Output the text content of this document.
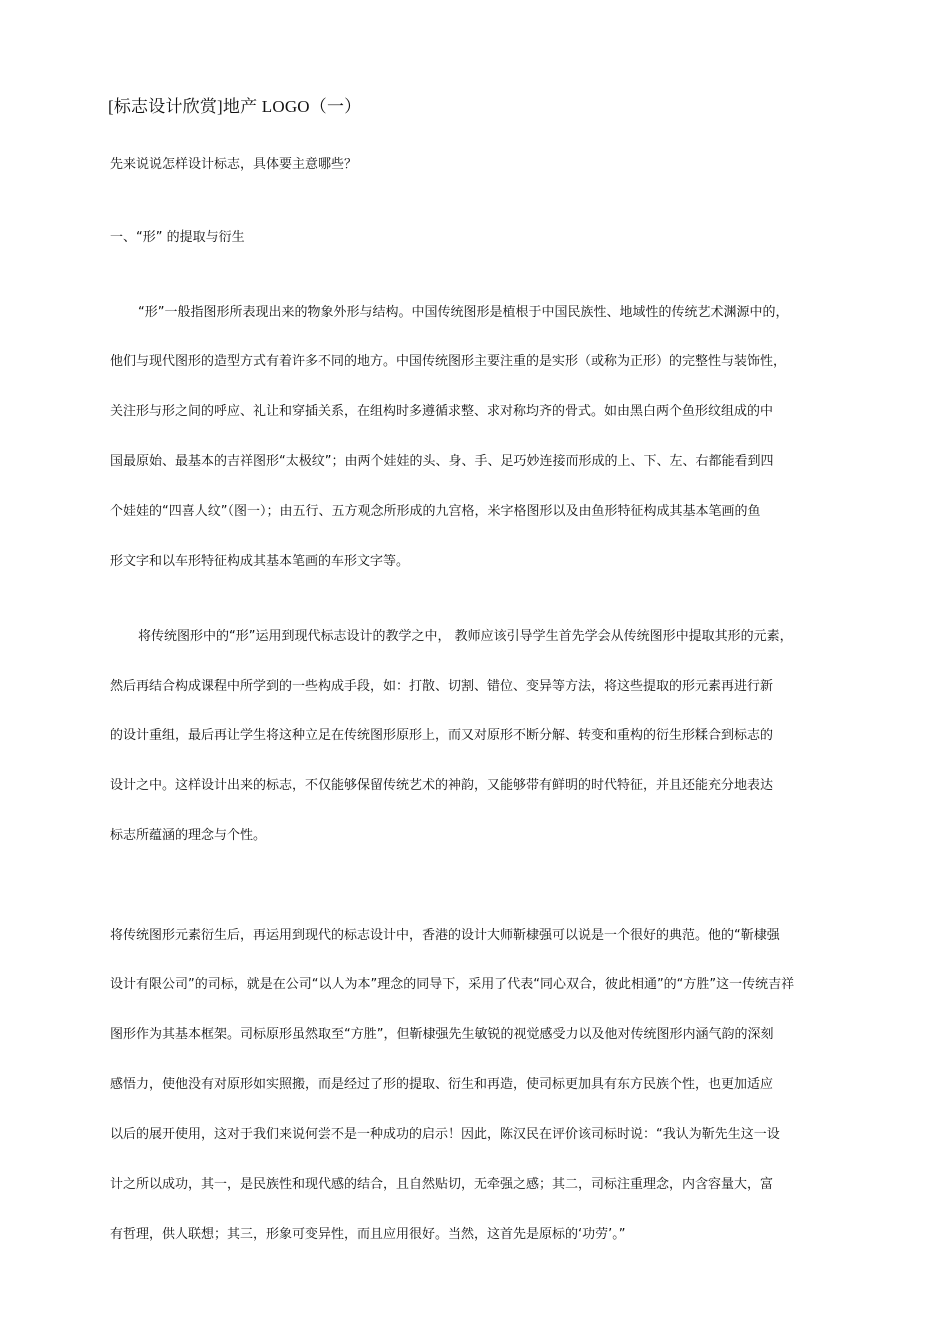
[标志设计欣赏]地产 LOGO（一）
先来说说怎样设计标志，具体要主意哪些？
一、“形” 的提取与衍生
“形”一般指图形所表现出来的物象外形与结构。中国传统图形是植根于中国民族性、地域性的传统艺术渊源中的，
他们与现代图形的造型方式有着许多不同的地方。中国传统图形主要注重的是实形（或称为正形）的完整性与装饰性，
关注形与形之间的呼应、礼让和穿插关系，在组构时多遵循求整、求对称均齐的骨式。如由黑白两个鱼形纹组成的中
国最原始、最基本的吉祥图形“太极纹”；由两个娃娃的头、身、手、足巧妙连接而形成的上、下、左、右都能看到四
个娃娃的“四喜人纹”（图一）；由五行、五方观念所形成的九宫格，米字格图形以及由鱼形特征构成其基本笔画的鱼
形文字和以车形特征构成其基本笔画的车形文字等。
将传统图形中的“形”运用到现代标志设计的教学之中， 教师应该引导学生首先学会从传统图形中提取其形的元素，
然后再结合构成课程中所学到的一些构成手段，如：打散、切割、错位、变异等方法，将这些提取的形元素再进行新
的设计重组，最后再让学生将这种立足在传统图形原形上，而又对原形不断分解、转变和重构的衍生形糅合到标志的
设计之中。这样设计出来的标志，不仅能够保留传统艺术的神韵，又能够带有鲜明的时代特征，并且还能充分地表达
标志所蕴涵的理念与个性。
将传统图形元素衍生后，再运用到现代的标志设计中，香港的设计大师靳棣强可以说是一个很好的典范。他的“靳棣强
设计有限公司”的司标，就是在公司“以人为本”理念的同导下，采用了代表“同心双合，彼此相通”的“方胜”这一传统吉祥
图形作为其基本框架。司标原形虽然取至“方胜”，但靳棣强先生敏锐的视觉感受力以及他对传统图形内涵气韵的深刻
感悟力，使他没有对原形如实照搬，而是经过了形的提取、衍生和再造，使司标更加具有东方民族个性，也更加适应
以后的展开使用，这对于我们来说何尝不是一种成功的启示！因此，陈汉民在评价该司标时说：“我认为靳先生这一设
计之所以成功，其一，是民族性和现代感的结合，且自然贴切，无牵强之感；其二，司标注重理念，内含容量大，富
有哲理，供人联想；其三，形象可变异性，而且应用很好。当然，这首先是原标的‘功劳’。”
